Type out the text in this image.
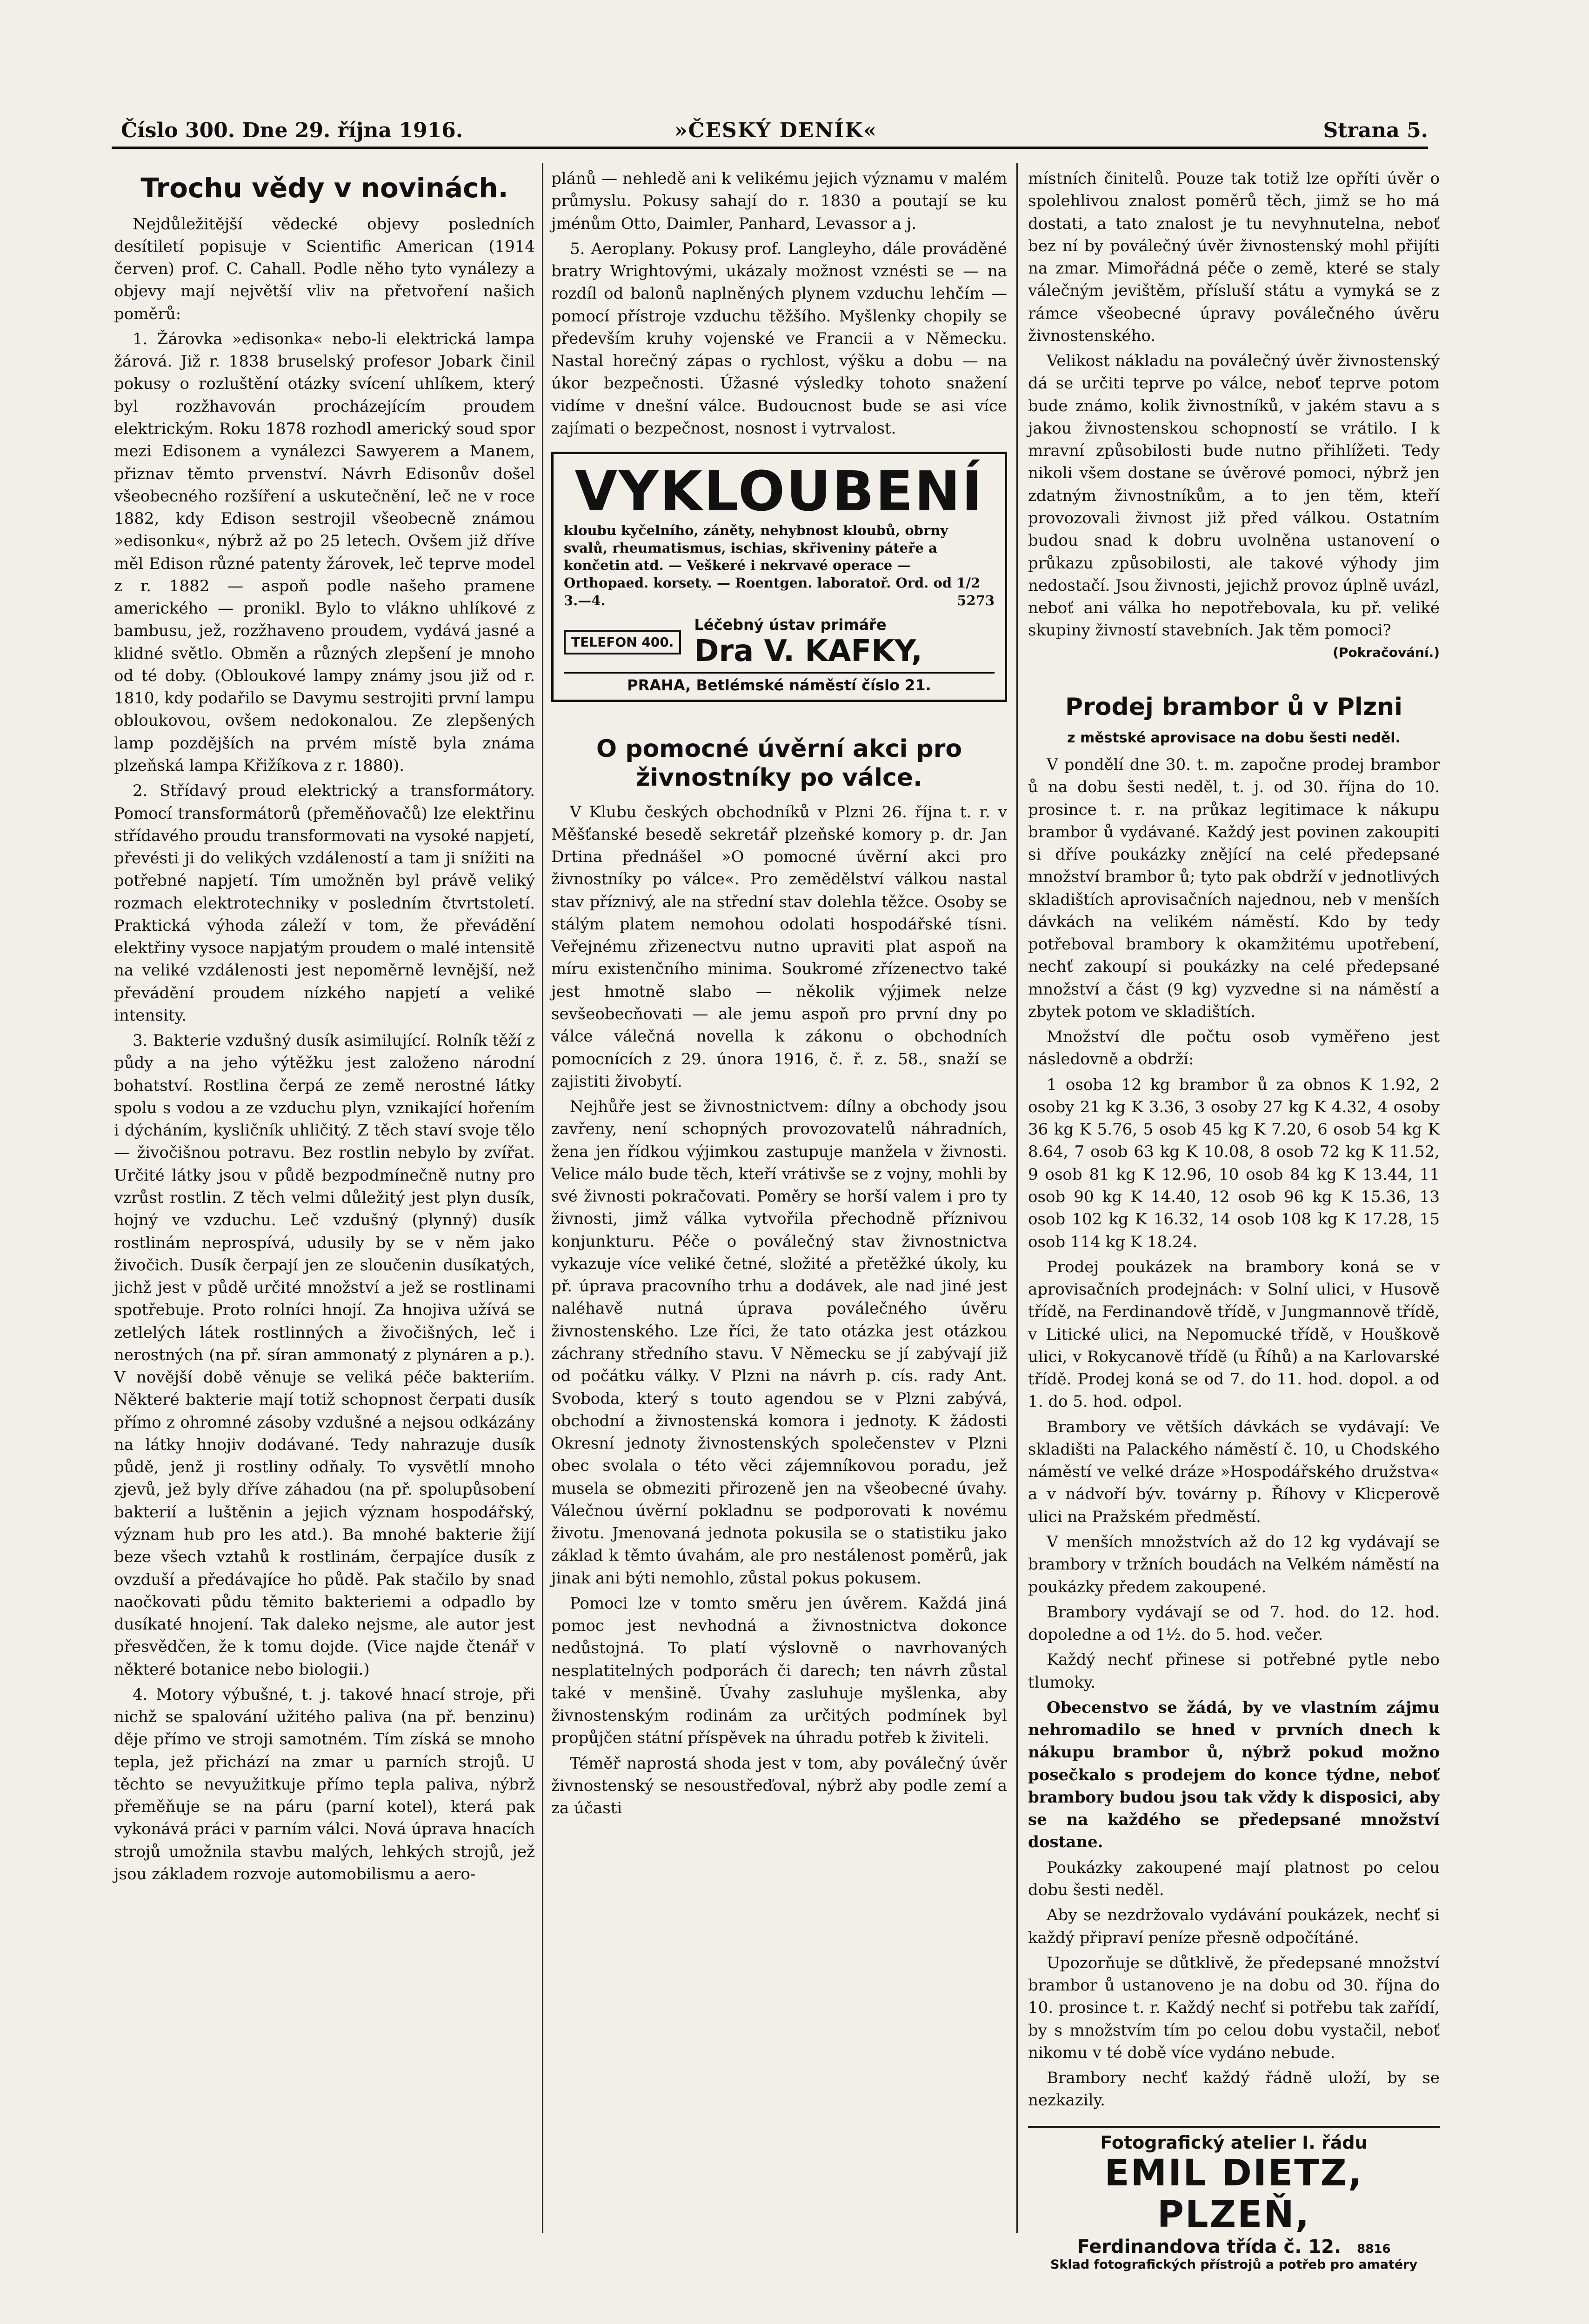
Číslo 300. Dne 29. října 1916.	»ČESKÝ DENÍK«	Strana 5.
Trochu vědy v novinách.

Nejdůležitější vědecké objevy posledních desítiletí popisuje v Scientific American (1914 červen) prof. C. Cahall. Podle něho tyto vynálezy a objevy mají největší vliv na přetvoření našich poměrů:

1. Žárovka »edisonka« nebo-li elektrická lampa žárová. Již r. 1838 bruselský profesor Jobark činil pokusy o rozluštění otázky svícení uhlíkem, který byl rozžhavován procházejícím proudem elektrickým. Roku 1878 rozhodl americký soud spor mezi Edisonem a vynálezci Sawyerem a Manem, přiznav těmto prvenství. Návrh Edisonův došel všeobecného rozšíření a uskutečnění, leč ne v roce 1882, kdy Edison sestrojil všeobecně známou »edisonku«, nýbrž až po 25 letech. Ovšem již dříve měl Edison různé patenty žárovek, leč teprve model z r. 1882 — aspoň podle našeho pramene amerického — pronikl. Bylo to vlákno uhlíkové z bambusu, jež, rozžhaveno proudem, vydává jasné a klidné světlo. Obměn a různých zlepšení je mnoho od té doby. (Obloukové lampy známy jsou již od r. 1810, kdy podařilo se Davymu sestrojiti první lampu obloukovou, ovšem nedokonalou. Ze zlepšených lamp pozdějších na prvém místě byla známa plzeňská lampa Křižíkova z r. 1880).

2. Střídavý proud elektrický a transformátory. Pomocí transformátorů (přeměňovačů) lze elektřinu střídavého proudu transformovati na vysoké napjetí, převésti ji do velikých vzdáleností a tam ji snížiti na potřebné napjetí. Tím umožněn byl právě veliký rozmach elektrotechniky v posledním čtvrtstoletí. Praktická výhoda záleží v tom, že převádění elektřiny vysoce napjatým proudem o malé intensitě na veliké vzdálenosti jest nepoměrně levnější, než převádění proudem nízkého napjetí a veliké intensity.

3. Bakterie vzdušný dusík asimilující. Rolník těží z půdy a na jeho výtěžku jest založeno národní bohatství. Rostlina čerpá ze země nerostné látky spolu s vodou a ze vzduchu plyn, vznikající hořením i dýcháním, kysličník uhličitý. Z těch staví svoje tělo — živočišnou potravu. Bez rostlin nebylo by zvířat. Určité látky jsou v půdě bezpodmínečně nutny pro vzrůst rostlin. Z těch velmi důležitý jest plyn dusík, hojný ve vzduchu. Leč vzdušný (plynný) dusík rostlinám neprospívá, udusily by se v něm jako živočich. Dusík čerpají jen ze sloučenin dusíkatých, jichž jest v půdě určité množství a jež se rostlinami spotřebuje. Proto rolníci hnojí. Za hnojiva užívá se zetlelých látek rostlinných a živočišných, leč i nerostných (na př. síran ammonatý z plynáren a p.). V novější době věnuje se veliká péče bakteriím. Některé bakterie mají totiž schopnost čerpati dusík přímo z ohromné zásoby vzdušné a nejsou odkázány na látky hnojiv dodávané. Tedy nahrazuje dusík půdě, jenž ji rostliny odňaly. To vysvětlí mnoho zjevů, jež byly dříve záhadou (na př. spolupůsobení bakterií a luštěnin a jejich význam hospodářský, význam hub pro les atd.). Ba mnohé bakterie žijí beze všech vztahů k rostlinám, čerpajíce dusík z ovzduší a předávajíce ho půdě. Pak stačilo by snad naočkovati půdu těmito bakteriemi a odpadlo by dusíkaté hnojení. Tak daleko nejsme, ale autor jest přesvědčen, že k tomu dojde. (Vice najde čtenář v některé botanice nebo biologii.)

4. Motory výbušné, t. j. takové hnací stroje, při nichž se spalování užitého paliva (na př. benzinu) děje přímo ve stroji samotném. Tím získá se mnoho tepla, jež přichází na zmar u parních strojů. U těchto se nevyužitkuje přímo tepla paliva, nýbrž přeměňuje se na páru (parní kotel), která pak vykonává práci v parním válci. Nová úprava hnacích strojů umožnila stavbu malých, lehkých strojů, jež jsou základem rozvoje automobilismu a aero-

plánů — nehledě ani k velikému jejich významu v malém průmyslu. Pokusy sahají do r. 1830 a poutají se ku jménům Otto, Daimler, Panhard, Levassor a j.

5. Aeroplany. Pokusy prof. Langleyho, dále prováděné bratry Wrightovými, ukázaly možnost vznésti se — na rozdíl od balonů naplněných plynem vzduchu lehčím — pomocí přístroje vzduchu těžšího. Myšlenky chopily se především kruhy vojenské ve Francii a v Německu. Nastal horečný zápas o rychlost, výšku a dobu — na úkor bezpečnosti. Úžasné výsledky tohoto snažení vidíme v dnešní válce. Budoucnost bude se asi více zajímati o bezpečnost, nosnost i vytrvalost.

VYKLOUBENÍ
kloubu kyčelního, záněty, nehybnost kloubů, obrny svalů, rheumatismus, ischias, skřiveniny páteře a končetin atd. — Veškeré i nekrvavé operace — Orthopaed. korsety. — Roentgen. laboratoř. Ord. od 1/2 3.—4.	5273
TELEFON 400.
Léčebný ústav primáře
Dra V. KAFKY,
PRAHA, Betlémské náměstí číslo 21.
O pomocné úvěrní akci pro živnostníky po válce.

V Klubu českých obchodníků v Plzni 26. října t. r. v Měšťanské besedě sekretář plzeňské komory p. dr. Jan Drtina přednášel »O pomocné úvěrní akci pro živnostníky po válce«. Pro zemědělství válkou nastal stav příznivý, ale na střední stav dolehla těžce. Osoby se stálým platem nemohou odolati hospodářské tísni. Veřejnému zřizenectvu nutno upraviti plat aspoň na míru existenčního minima. Soukromé zřízenectvo také jest hmotně slabo — několik výjimek nelze sevšeobecňovati — ale jemu aspoň pro první dny po válce válečná novella k zákonu o obchodních pomocnících z 29. února 1916, č. ř. z. 58., snaží se zajistiti živobytí.

Nejhůře jest se živnostnictvem: dílny a obchody jsou zavřeny, není schopných provozovatelů náhradních, žena jen řídkou výjimkou zastupuje manžela v živnosti. Velice málo bude těch, kteří vrátivše se z vojny, mohli by své živnosti pokračovati. Poměry se horší valem i pro ty živnosti, jimž válka vytvořila přechodně příznivou konjunkturu. Péče o poválečný stav živnostnictva vykazuje více veliké četné, složité a přetěžké úkoly, ku př. úprava pracovního trhu a dodávek, ale nad jiné jest naléhavě nutná úprava poválečného úvěru živnostenského. Lze říci, že tato otázka jest otázkou záchrany středního stavu. V Německu se jí zabývají již od počátku války. V Plzni na návrh p. cís. rady Ant. Svoboda, který s touto agendou se v Plzni zabývá, obchodní a živnostenská komora i jednoty. K žádosti Okresní jednoty živnostenských společenstev v Plzni obec svolala o této věci zájemníkovou poradu, jež musela se obmeziti přirozeně jen na všeobecné úvahy. Válečnou úvěrní pokladnu se podporovati k novému životu. Jmenovaná jednota pokusila se o statistiku jako základ k těmto úvahám, ale pro nestálenost poměrů, jak jinak ani býti nemohlo, zůstal pokus pokusem.

Pomoci lze v tomto směru jen úvěrem. Každá jiná pomoc jest nevhodná a živnostnictva dokonce nedůstojná. To platí výslovně o navrhovaných nesplatitelných podporách či darech; ten návrh zůstal také v menšině. Úvahy zasluhuje myšlenka, aby živnostenským rodinám za určitých podmínek byl propůjčen státní příspěvek na úhradu potřeb k živiteli.

Téměř naprostá shoda jest v tom, aby poválečný úvěr živnostenský se nesoustřeďoval, nýbrž aby podle zemí a za účasti

místních činitelů. Pouze tak totiž lze opříti úvěr o spolehlivou znalost poměrů těch, jimž se ho má dostati, a tato znalost je tu nevyhnutelna, neboť bez ní by poválečný úvěr živnostenský mohl přijíti na zmar. Mimořádná péče o země, které se staly válečným jevištěm, přísluší státu a vymyká se z rámce všeobecné úpravy poválečného úvěru živnostenského.

Velikost nákladu na poválečný úvěr živnostenský dá se určiti teprve po válce, neboť teprve potom bude známo, kolik živnostníků, v jakém stavu a s jakou živnostenskou schopností se vrátilo. I k mravní způsobilosti bude nutno přihlížeti. Tedy nikoli všem dostane se úvěrové pomoci, nýbrž jen zdatným živnostníkům, a to jen těm, kteří provozovali živnost již před válkou. Ostatním budou snad k dobru uvolněna ustanovení o průkazu způsobilosti, ale takové výhody jim nedostačí. Jsou živnosti, jejichž provoz úplně uvázl, neboť ani válka ho nepotřebovala, ku př. veliké skupiny živností stavebních. Jak těm pomoci?

(Pokračování.)
Prodej brambor ů v Plzni
z městské aprovisace na dobu šesti neděl.

V pondělí dne 30. t. m. započne prodej brambor ů na dobu šesti neděl, t. j. od 30. října do 10. prosince t. r. na průkaz legitimace k nákupu brambor ů vydávané. Každý jest povinen zakoupiti si dříve poukázky znějící na celé předepsané množství brambor ů; tyto pak obdrží v jednotlivých skladištích aprovisačních najednou, neb v menších dávkách na velikém náměstí. Kdo by tedy potřeboval brambory k okamžitému upotřebení, nechť zakoupí si poukázky na celé předepsané množství a část (9 kg) vyzvedne si na náměstí a zbytek potom ve skladištích.

Množství dle počtu osob vyměřeno jest následovně a obdrží:

1 osoba 12 kg brambor ů za obnos K 1.92, 2 osoby 21 kg K 3.36, 3 osoby 27 kg K 4.32, 4 osoby 36 kg K 5.76, 5 osob 45 kg K 7.20, 6 osob 54 kg K 8.64, 7 osob 63 kg K 10.08, 8 osob 72 kg K 11.52, 9 osob 81 kg K 12.96, 10 osob 84 kg K 13.44, 11 osob 90 kg K 14.40, 12 osob 96 kg K 15.36, 13 osob 102 kg K 16.32, 14 osob 108 kg K 17.28, 15 osob 114 kg K 18.24.

Prodej poukázek na brambory koná se v aprovisačních prodejnách: v Solní ulici, v Husově třídě, na Ferdinandově třídě, v Jungmannově třídě, v Litické ulici, na Nepomucké třídě, v Houškově ulici, v Rokycanově třídě (u Říhů) a na Karlovarské třídě. Prodej koná se od 7. do 11. hod. dopol. a od 1. do 5. hod. odpol.

Brambory ve větších dávkách se vydávají: Ve skladišti na Palackého náměstí č. 10, u Chodského náměstí ve velké dráze »Hospodářského družstva« a v nádvoří býv. továrny p. Říhovy v Klicperově ulici na Pražském předměstí.

V menších množstvích až do 12 kg vydávají se brambory v tržních boudách na Velkém náměstí na poukázky předem zakoupené.

Brambory vydávají se od 7. hod. do 12. hod. dopoledne a od 1½. do 5. hod. večer.

Každý nechť přinese si potřebné pytle nebo tlumoky.

Obecenstvo se žádá, by ve vlastním zájmu nehromadilo se hned v prvních dnech k nákupu brambor ů, nýbrž pokud možno posečkalo s prodejem do konce týdne, neboť brambory budou jsou tak vždy k disposici, aby se na každého se předepsané množství dostane.

Poukázky zakoupené mají platnost po celou dobu šesti neděl.

Aby se nezdržovalo vydávání poukázek, nechť si každý připraví peníze přesně odpočítáné.

Upozorňuje se důtklivě, že předepsané množství brambor ů ustanoveno je na dobu od 30. října do 10. prosince t. r. Každý nechť si potřebu tak zařídí, by s množstvím tím po celou dobu vystačil, neboť nikomu v té době více vydáno nebude.

Brambory nechť každý řádně uloží, by se nezkazily.

Fotografický atelier I. řádu
EMIL DIETZ, PLZEŇ,
Ferdinandova třída č. 12. 8816
Sklad fotografických přístrojů a potřeb pro amatéry
